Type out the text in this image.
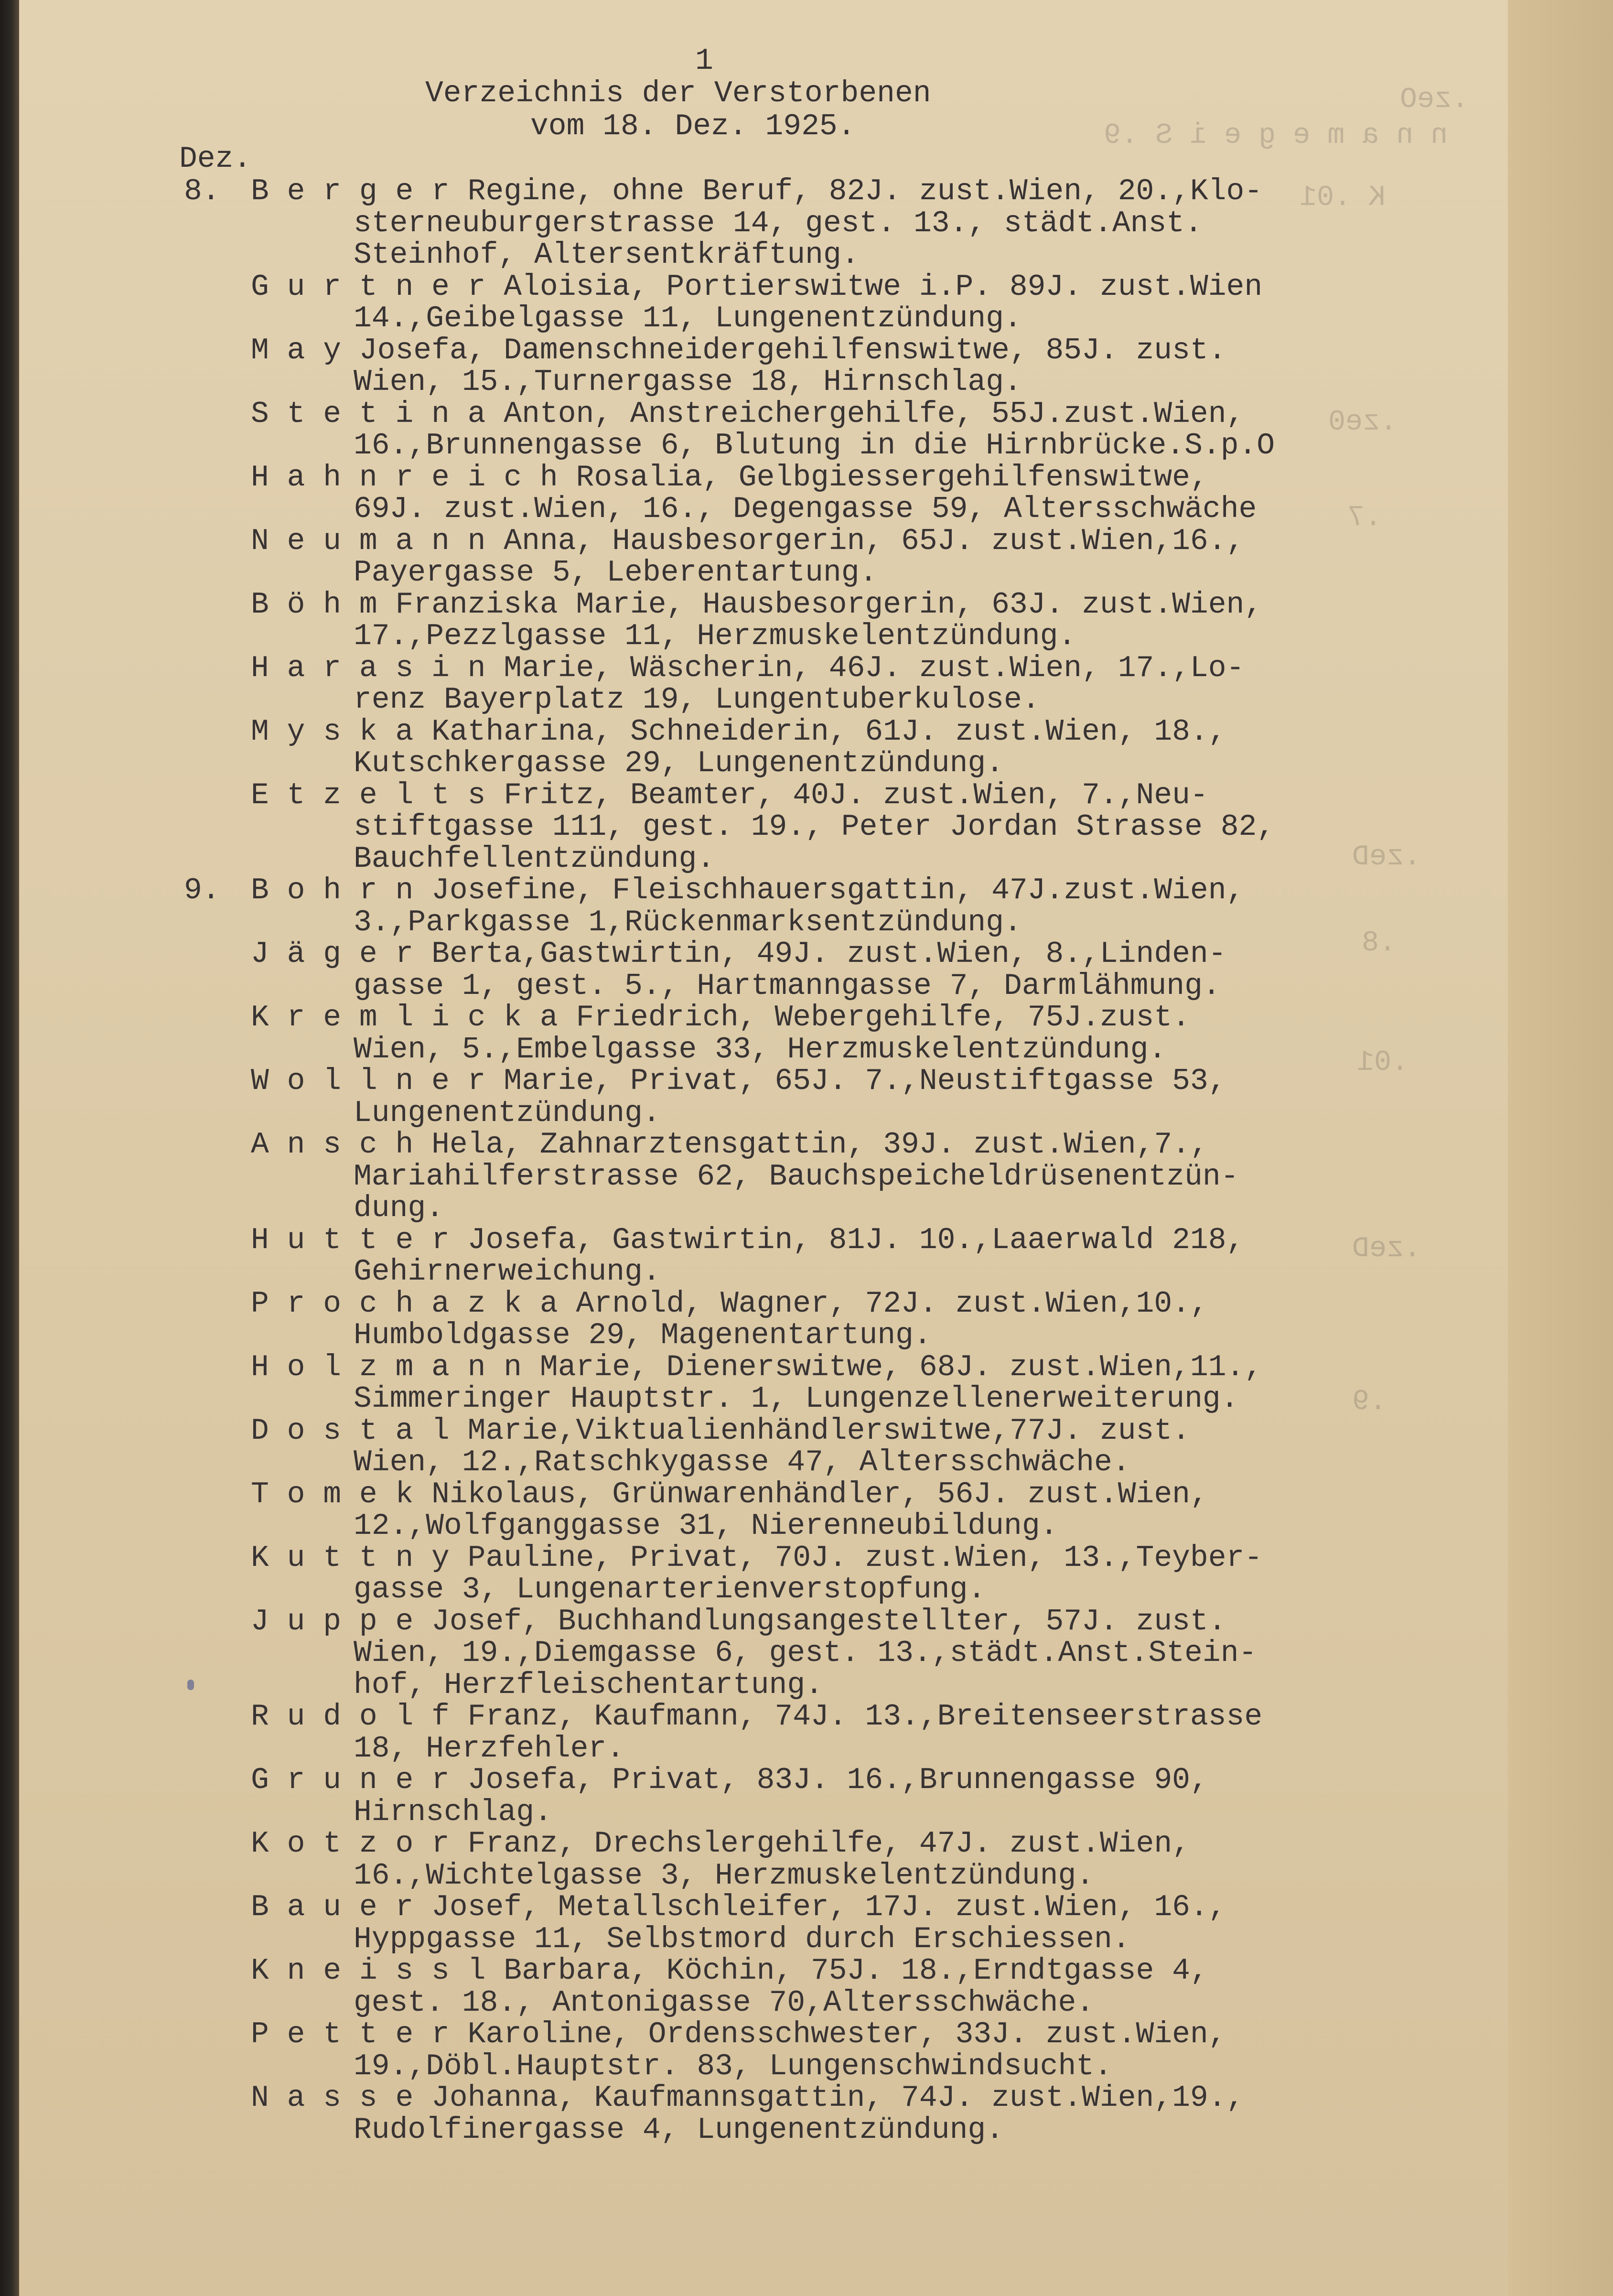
.zeO
n n a m e g e i S .9
K .01
.ze0
.7
.zeD
.8
.01
.zeD
.9
1
Verzeichnis der Verstorbenen
vom 18. Dez. 1925.
Dez.
8. B e r g e r Regine, ohne Beruf, 82J. zust.Wien, 20.,Klo-
sterneuburgerstrasse 14, gest. 13., städt.Anst.
Steinhof, Altersentkräftung.
G u r t n e r Aloisia, Portierswitwe i.P. 89J. zust.Wien
14.,Geibelgasse 11, Lungenentzündung.
M a y Josefa, Damenschneidergehilfenswitwe, 85J. zust.
Wien, 15.,Turnergasse 18, Hirnschlag.
S t e t i n a Anton, Anstreichergehilfe, 55J.zust.Wien,
16.,Brunnengasse 6, Blutung in die Hirnbrücke.S.p.O
H a h n r e i c h Rosalia, Gelbgiessergehilfenswitwe,
69J. zust.Wien, 16., Degengasse 59, Altersschwäche
N e u m a n n Anna, Hausbesorgerin, 65J. zust.Wien,16.,
Payergasse 5, Leberentartung.
B ö h m Franziska Marie, Hausbesorgerin, 63J. zust.Wien,
17.,Pezzlgasse 11, Herzmuskelentzündung.
H a r a s i n Marie, Wäscherin, 46J. zust.Wien, 17.,Lo-
renz Bayerplatz 19, Lungentuberkulose.
M y s k a Katharina, Schneiderin, 61J. zust.Wien, 18.,
Kutschkergasse 29, Lungenentzündung.
E t z e l t s Fritz, Beamter, 40J. zust.Wien, 7.,Neu-
stiftgasse 111, gest. 19., Peter Jordan Strasse 82,
Bauchfellentzündung.
9. B o h r n Josefine, Fleischhauersgattin, 47J.zust.Wien,
3.,Parkgasse 1,Rückenmarksentzündung.
J ä g e r Berta,Gastwirtin, 49J. zust.Wien, 8.,Linden-
gasse 1, gest. 5., Hartmanngasse 7, Darmlähmung.
K r e m l i c k a Friedrich, Webergehilfe, 75J.zust.
Wien, 5.,Embelgasse 33, Herzmuskelentzündung.
W o l l n e r Marie, Privat, 65J. 7.,Neustiftgasse 53,
Lungenentzündung.
A n s c h Hela, Zahnarztensgattin, 39J. zust.Wien,7.,
Mariahilferstrasse 62, Bauchspeicheldrüsenentzün-
dung.
H u t t e r Josefa, Gastwirtin, 81J. 10.,Laaerwald 218,
Gehirnerweichung.
P r o c h a z k a Arnold, Wagner, 72J. zust.Wien,10.,
Humboldgasse 29, Magenentartung.
H o l z m a n n Marie, Dienerswitwe, 68J. zust.Wien,11.,
Simmeringer Hauptstr. 1, Lungenzellenerweiterung.
D o s t a l Marie,Viktualienhändlerswitwe,77J. zust.
Wien, 12.,Ratschkygasse 47, Altersschwäche.
T o m e k Nikolaus, Grünwarenhändler, 56J. zust.Wien,
12.,Wolfganggasse 31, Nierenneubildung.
K u t t n y Pauline, Privat, 70J. zust.Wien, 13.,Teyber-
gasse 3, Lungenarterienverstopfung.
J u p p e Josef, Buchhandlungsangestellter, 57J. zust.
Wien, 19.,Diemgasse 6, gest. 13.,städt.Anst.Stein-
hof, Herzfleischentartung.
R u d o l f Franz, Kaufmann, 74J. 13.,Breitenseerstrasse
18, Herzfehler.
G r u n e r Josefa, Privat, 83J. 16.,Brunnengasse 90,
Hirnschlag.
K o t z o r Franz, Drechslergehilfe, 47J. zust.Wien,
16.,Wichtelgasse 3, Herzmuskelentzündung.
B a u e r Josef, Metallschleifer, 17J. zust.Wien, 16.,
Hyppgasse 11, Selbstmord durch Erschiessen.
K n e i s s l Barbara, Köchin, 75J. 18.,Erndtgasse 4,
gest. 18., Antonigasse 70,Altersschwäche.
P e t t e r Karoline, Ordensschwester, 33J. zust.Wien,
19.,Döbl.Hauptstr. 83, Lungenschwindsucht.
N a s s e Johanna, Kaufmannsgattin, 74J. zust.Wien,19.,
Rudolfinergasse 4, Lungenentzündung.
